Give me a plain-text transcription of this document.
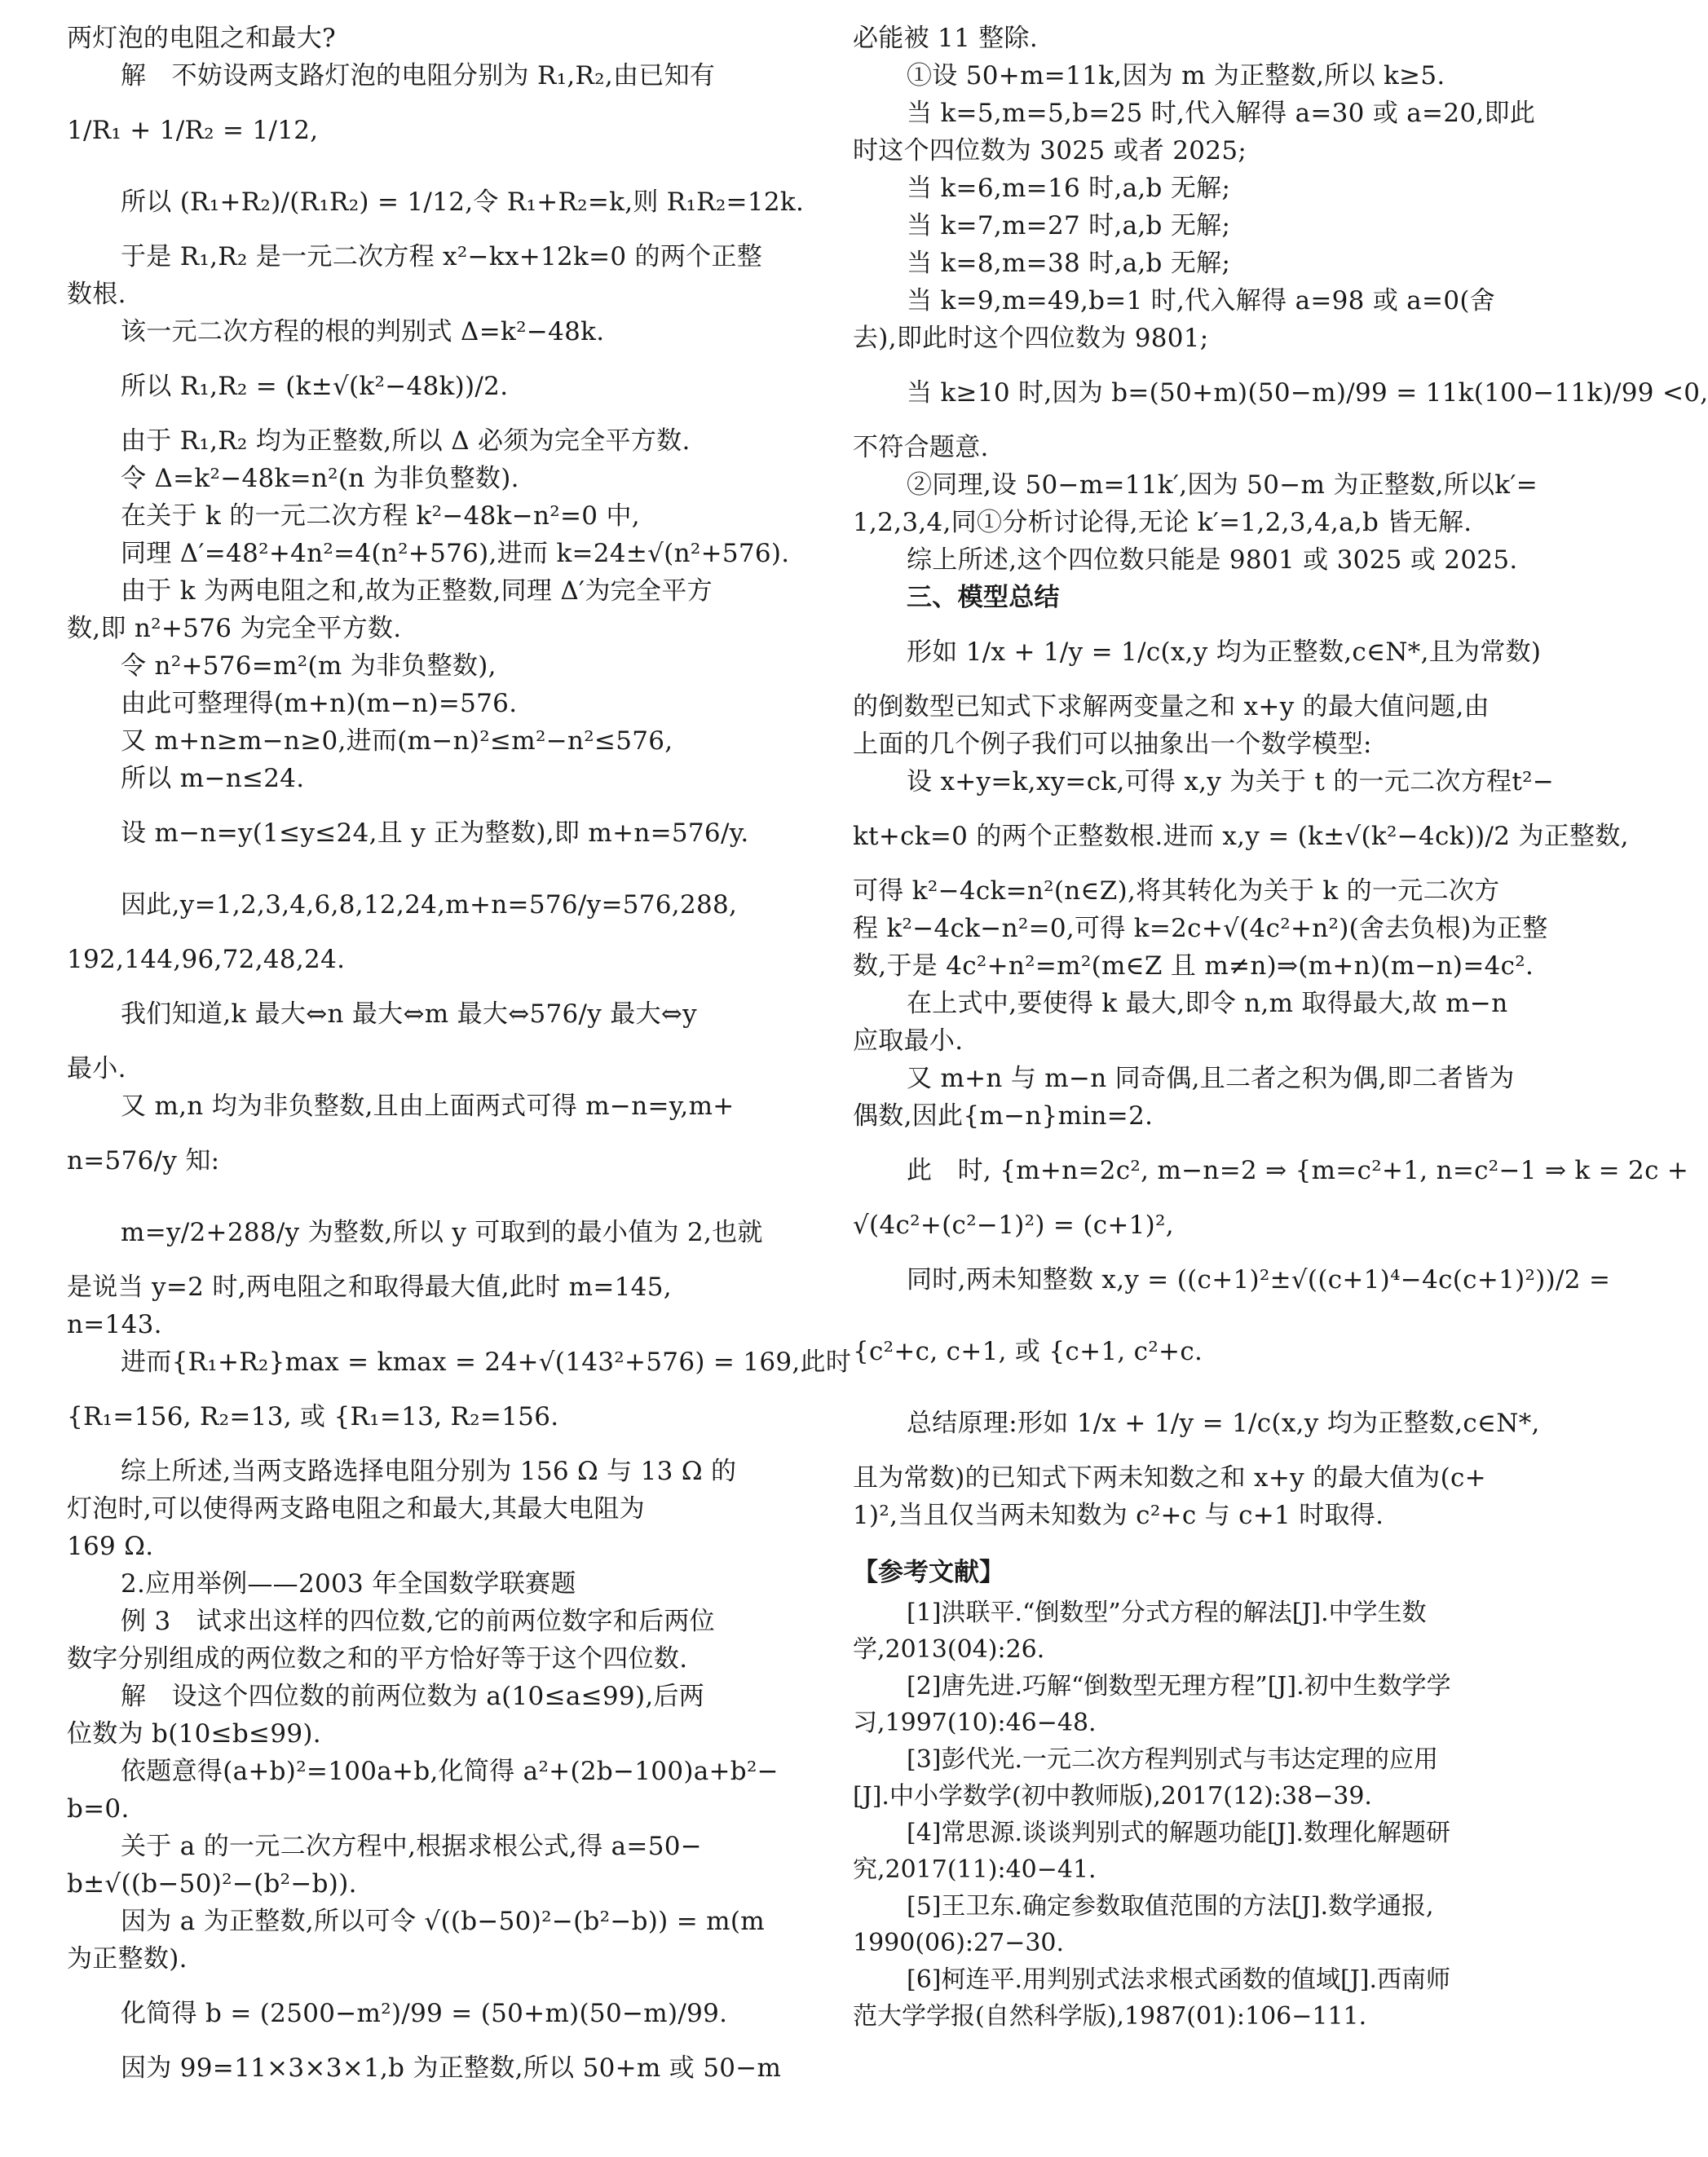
两灯泡的电阻之和最大?
解　不妨设两支路灯泡的电阻分别为 R₁,R₂,由已知有
1/R₁ + 1/R₂ = 1/12,
所以 (R₁+R₂)/(R₁R₂) = 1/12,令 R₁+R₂=k,则 R₁R₂=12k.
于是 R₁,R₂ 是一元二次方程 x²−kx+12k=0 的两个正整
数根.
该一元二次方程的根的判别式 Δ=k²−48k.
所以 R₁,R₂ = (k±√(k²−48k))/2.
由于 R₁,R₂ 均为正整数,所以 Δ 必须为完全平方数.
令 Δ=k²−48k=n²(n 为非负整数).
在关于 k 的一元二次方程 k²−48k−n²=0 中,
同理 Δ′=48²+4n²=4(n²+576),进而 k=24±√(n²+576).
由于 k 为两电阻之和,故为正整数,同理 Δ′为完全平方
数,即 n²+576 为完全平方数.
令 n²+576=m²(m 为非负整数),
由此可整理得(m+n)(m−n)=576.
又 m+n≥m−n≥0,进而(m−n)²≤m²−n²≤576,
所以 m−n≤24.
设 m−n=y(1≤y≤24,且 y 正为整数),即 m+n=576/y.
因此,y=1,2,3,4,6,8,12,24,m+n=576/y=576,288,
192,144,96,72,48,24.
我们知道,k 最大⇔n 最大⇔m 最大⇔576/y 最大⇔y
最小.
又 m,n 均为非负整数,且由上面两式可得 m−n=y,m+
n=576/y 知:
m=y/2+288/y 为整数,所以 y 可取到的最小值为 2,也就
是说当 y=2 时,两电阻之和取得最大值,此时 m=145,
n=143.
进而{R₁+R₂}max = kmax = 24+√(143²+576) = 169,此时
{R₁=156, R₂=13, 或 {R₁=13, R₂=156.
综上所述,当两支路选择电阻分别为 156 Ω 与 13 Ω 的
灯泡时,可以使得两支路电阻之和最大,其最大电阻为
169 Ω.
2.应用举例——2003 年全国数学联赛题
例 3　试求出这样的四位数,它的前两位数字和后两位
数字分别组成的两位数之和的平方恰好等于这个四位数.
解　设这个四位数的前两位数为 a(10≤a≤99),后两
位数为 b(10≤b≤99).
依题意得(a+b)²=100a+b,化简得 a²+(2b−100)a+b²−
b=0.
关于 a 的一元二次方程中,根据求根公式,得 a=50−
b±√((b−50)²−(b²−b)).
因为 a 为正整数,所以可令 √((b−50)²−(b²−b)) = m(m
为正整数).
化简得 b = (2500−m²)/99 = (50+m)(50−m)/99.
因为 99=11×3×3×1,b 为正整数,所以 50+m 或 50−m
必能被 11 整除.
①设 50+m=11k,因为 m 为正整数,所以 k≥5.
当 k=5,m=5,b=25 时,代入解得 a=30 或 a=20,即此
时这个四位数为 3025 或者 2025;
当 k=6,m=16 时,a,b 无解;
当 k=7,m=27 时,a,b 无解;
当 k=8,m=38 时,a,b 无解;
当 k=9,m=49,b=1 时,代入解得 a=98 或 a=0(舍
去),即此时这个四位数为 9801;
当 k≥10 时,因为 b=(50+m)(50−m)/99 = 11k(100−11k)/99 <0,
不符合题意.
②同理,设 50−m=11k′,因为 50−m 为正整数,所以k′=
1,2,3,4,同①分析讨论得,无论 k′=1,2,3,4,a,b 皆无解.
综上所述,这个四位数只能是 9801 或 3025 或 2025.
三、模型总结
形如 1/x + 1/y = 1/c(x,y 均为正整数,c∈N*,且为常数)
的倒数型已知式下求解两变量之和 x+y 的最大值问题,由
上面的几个例子我们可以抽象出一个数学模型:
设 x+y=k,xy=ck,可得 x,y 为关于 t 的一元二次方程t²−
kt+ck=0 的两个正整数根.进而 x,y = (k±√(k²−4ck))/2 为正整数,
可得 k²−4ck=n²(n∈Z),将其转化为关于 k 的一元二次方
程 k²−4ck−n²=0,可得 k=2c+√(4c²+n²)(舍去负根)为正整
数,于是 4c²+n²=m²(m∈Z 且 m≠n)⇒(m+n)(m−n)=4c².
在上式中,要使得 k 最大,即令 n,m 取得最大,故 m−n
应取最小.
又 m+n 与 m−n 同奇偶,且二者之积为偶,即二者皆为
偶数,因此{m−n}min=2.
此　时, {m+n=2c², m−n=2 ⇒ {m=c²+1, n=c²−1 ⇒ k = 2c +
√(4c²+(c²−1)²) = (c+1)²,
同时,两未知整数 x,y = ((c+1)²±√((c+1)⁴−4c(c+1)²))/2 =
{c²+c, c+1, 或 {c+1, c²+c.
总结原理:形如 1/x + 1/y = 1/c(x,y 均为正整数,c∈N*,
且为常数)的已知式下两未知数之和 x+y 的最大值为(c+
1)²,当且仅当两未知数为 c²+c 与 c+1 时取得.
【参考文献】
[1]洪联平.“倒数型”分式方程的解法[J].中学生数
学,2013(04):26.
[2]唐先进.巧解“倒数型无理方程”[J].初中生数学学
习,1997(10):46−48.
[3]彭代光.一元二次方程判别式与韦达定理的应用
[J].中小学数学(初中教师版),2017(12):38−39.
[4]常思源.谈谈判别式的解题功能[J].数理化解题研
究,2017(11):40−41.
[5]王卫东.确定参数取值范围的方法[J].数学通报,
1990(06):27−30.
[6]柯连平.用判别式法求根式函数的值域[J].西南师
范大学学报(自然科学版),1987(01):106−111.
